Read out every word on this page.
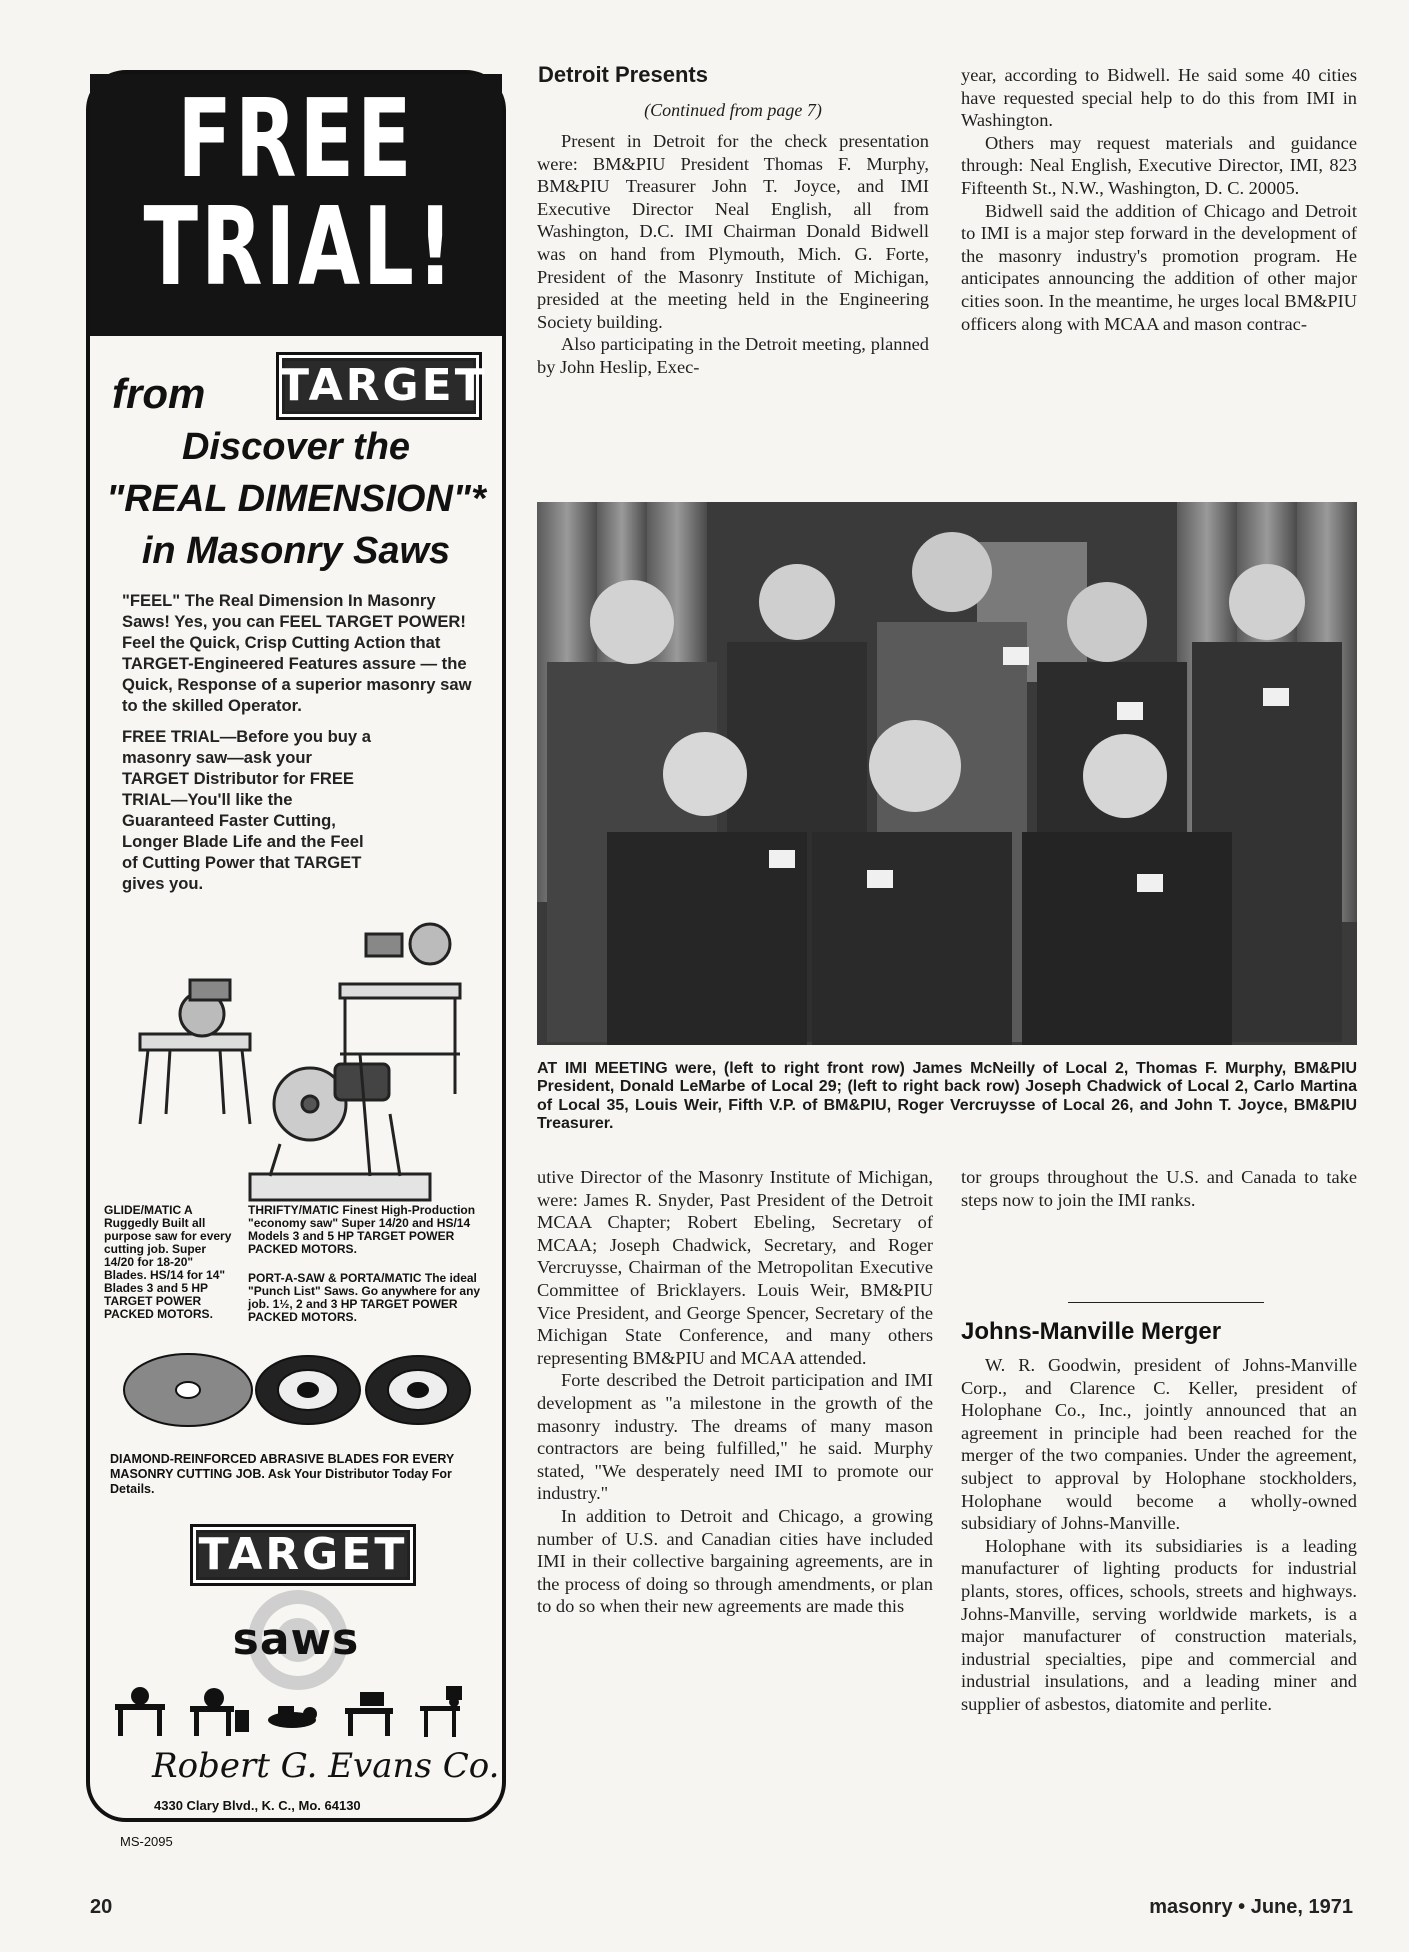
FREE
TRIAL!
from TARGET
Discover the
"REAL DIMENSION"*
in Masonry Saws

"FEEL" The Real Dimension In Masonry Saws! Yes, you can FEEL TARGET POWER! Feel the Quick, Crisp Cutting Action that TARGET-Engineered Features assure — the Quick, Response of a superior masonry saw to the skilled Operator.

FREE TRIAL—Before you buy a masonry saw—ask your TARGET Distributor for FREE TRIAL—You'll like the Guaranteed Faster Cutting, Longer Blade Life and the Feel of Cutting Power that TARGET gives you.

GLIDE/MATIC A Ruggedly Built all purpose saw for every cutting job. Super 14/20 for 18-20" Blades. HS/14 for 14" Blades 3 and 5 HP TARGET POWER PACKED MOTORS.
THRIFTY/MATIC Finest High-Production "economy saw" Super 14/20 and HS/14 Models 3 and 5 HP TARGET POWER PACKED MOTORS.
PORT-A-SAW & PORTA/MATIC The ideal "Punch List" Saws. Go anywhere for any job. 1½, 2 and 3 HP TARGET POWER PACKED MOTORS.
DIAMOND-REINFORCED ABRASIVE BLADES FOR EVERY MASONRY CUTTING JOB. Ask Your Distributor Today For Details.
TARGET
saws
Robert G. Evans Co.
4330 Clary Blvd., K. C., Mo. 64130
MS-2095
Detroit Presents
(Continued from page 7)

Present in Detroit for the check presentation were: BM&PIU President Thomas F. Murphy, BM&PIU Treasurer John T. Joyce, and IMI Executive Director Neal English, all from Washington, D.C. IMI Chairman Donald Bidwell was on hand from Plymouth, Mich. G. Forte, President of the Masonry Institute of Michigan, presided at the meeting held in the Engineering Society building.

Also participating in the Detroit meeting, planned by John Heslip, Exec-

year, according to Bidwell. He said some 40 cities have requested special help to do this from IMI in Washington.

Others may request materials and guidance through: Neal English, Executive Director, IMI, 823 Fifteenth St., N.W., Washington, D. C. 20005.

Bidwell said the addition of Chicago and Detroit to IMI is a major step forward in the development of the masonry industry's promotion program. He anticipates announcing the addition of other major cities soon. In the meantime, he urges local BM&PIU officers along with MCAA and mason contrac-

AT IMI MEETING were, (left to right front row) James McNeilly of Local 2, Thomas F. Murphy, BM&PIU President, Donald LeMarbe of Local 29; (left to right back row) Joseph Chadwick of Local 2, Carlo Martina of Local 35, Louis Weir, Fifth V.P. of BM&PIU, Roger Vercruysse of Local 26, and John T. Joyce, BM&PIU Treasurer.

utive Director of the Masonry Institute of Michigan, were: James R. Snyder, Past President of the Detroit MCAA Chapter; Robert Ebeling, Secretary of MCAA; Joseph Chadwick, Secretary, and Roger Vercruysse, Chairman of the Metropolitan Executive Committee of Bricklayers. Louis Weir, BM&PIU Vice President, and George Spencer, Secretary of the Michigan State Conference, and many others representing BM&PIU and MCAA attended.

Forte described the Detroit participation and IMI development as "a milestone in the growth of the masonry industry. The dreams of many mason contractors are being fulfilled," he said. Murphy stated, "We desperately need IMI to promote our industry."

In addition to Detroit and Chicago, a growing number of U.S. and Canadian cities have included IMI in their collective bargaining agreements, are in the process of doing so through amendments, or plan to do so when their new agreements are made this

tor groups throughout the U.S. and Canada to take steps now to join the IMI ranks.

Johns-Manville Merger

W. R. Goodwin, president of Johns-Manville Corp., and Clarence C. Keller, president of Holophane Co., Inc., jointly announced that an agreement in principle had been reached for the merger of the two companies. Under the agreement, subject to approval by Holophane stockholders, Holophane would become a wholly-owned subsidiary of Johns-Manville.

Holophane with its subsidiaries is a leading manufacturer of lighting products for industrial plants, stores, offices, schools, streets and highways. Johns-Manville, serving worldwide markets, is a major manufacturer of construction materials, industrial specialties, pipe and commercial and industrial insulations, and a leading miner and supplier of asbestos, diatomite and perlite.

20	masonry • June, 1971
